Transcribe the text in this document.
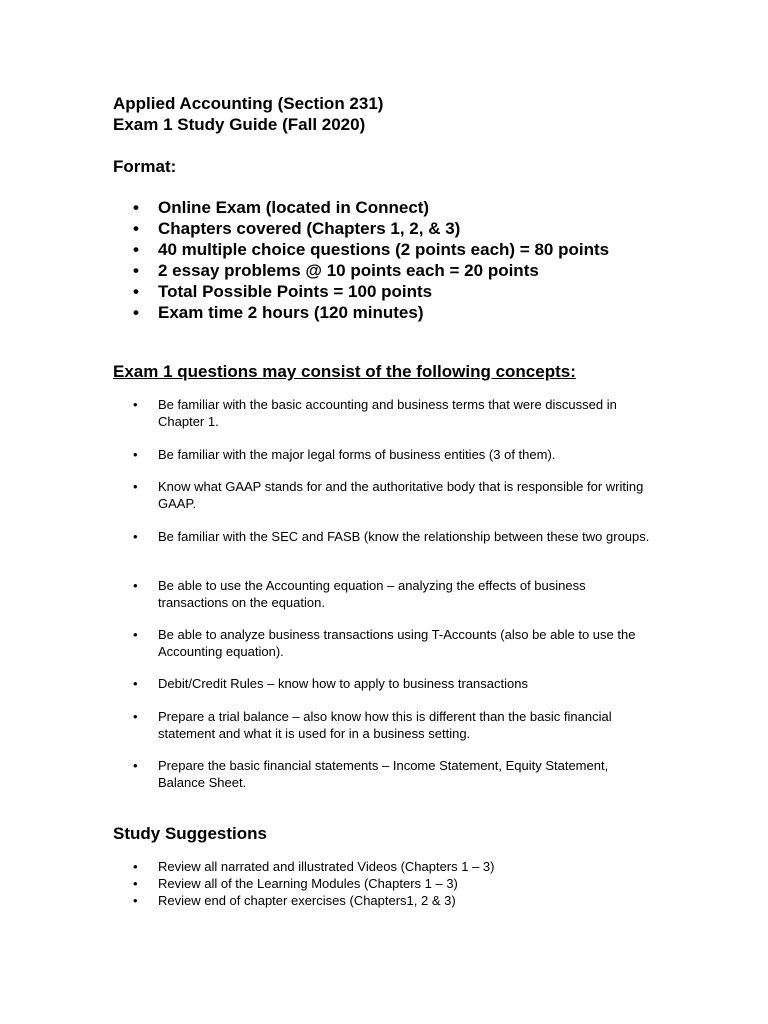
Applied Accounting (Section 231)
Exam 1 Study Guide (Fall 2020)
Format:
• Online Exam (located in Connect)
• Chapters covered (Chapters 1, 2, & 3)
• 40 multiple choice questions (2 points each) = 80 points
• 2 essay problems @ 10 points each = 20 points
• Total Possible Points = 100 points
• Exam time 2 hours (120 minutes)
Exam 1 questions may consist of the following concepts:
• Be familiar with the basic accounting and business terms that were discussed in Chapter 1.
• Be familiar with the major legal forms of business entities (3 of them).
• Know what GAAP stands for and the authoritative body that is responsible for writing GAAP.
• Be familiar with the SEC and FASB (know the relationship between these two groups.
• Be able to use the Accounting equation – analyzing the effects of business transactions on the equation.
• Be able to analyze business transactions using T-Accounts (also be able to use the Accounting equation).
• Debit/Credit Rules – know how to apply to business transactions
• Prepare a trial balance – also know how this is different than the basic financial statement and what it is used for in a business setting.
• Prepare the basic financial statements – Income Statement, Equity Statement, Balance Sheet.
Study Suggestions
• Review all narrated and illustrated Videos (Chapters 1 – 3)
• Review all of the Learning Modules (Chapters 1 – 3)
• Review end of chapter exercises (Chapters1, 2 & 3)
